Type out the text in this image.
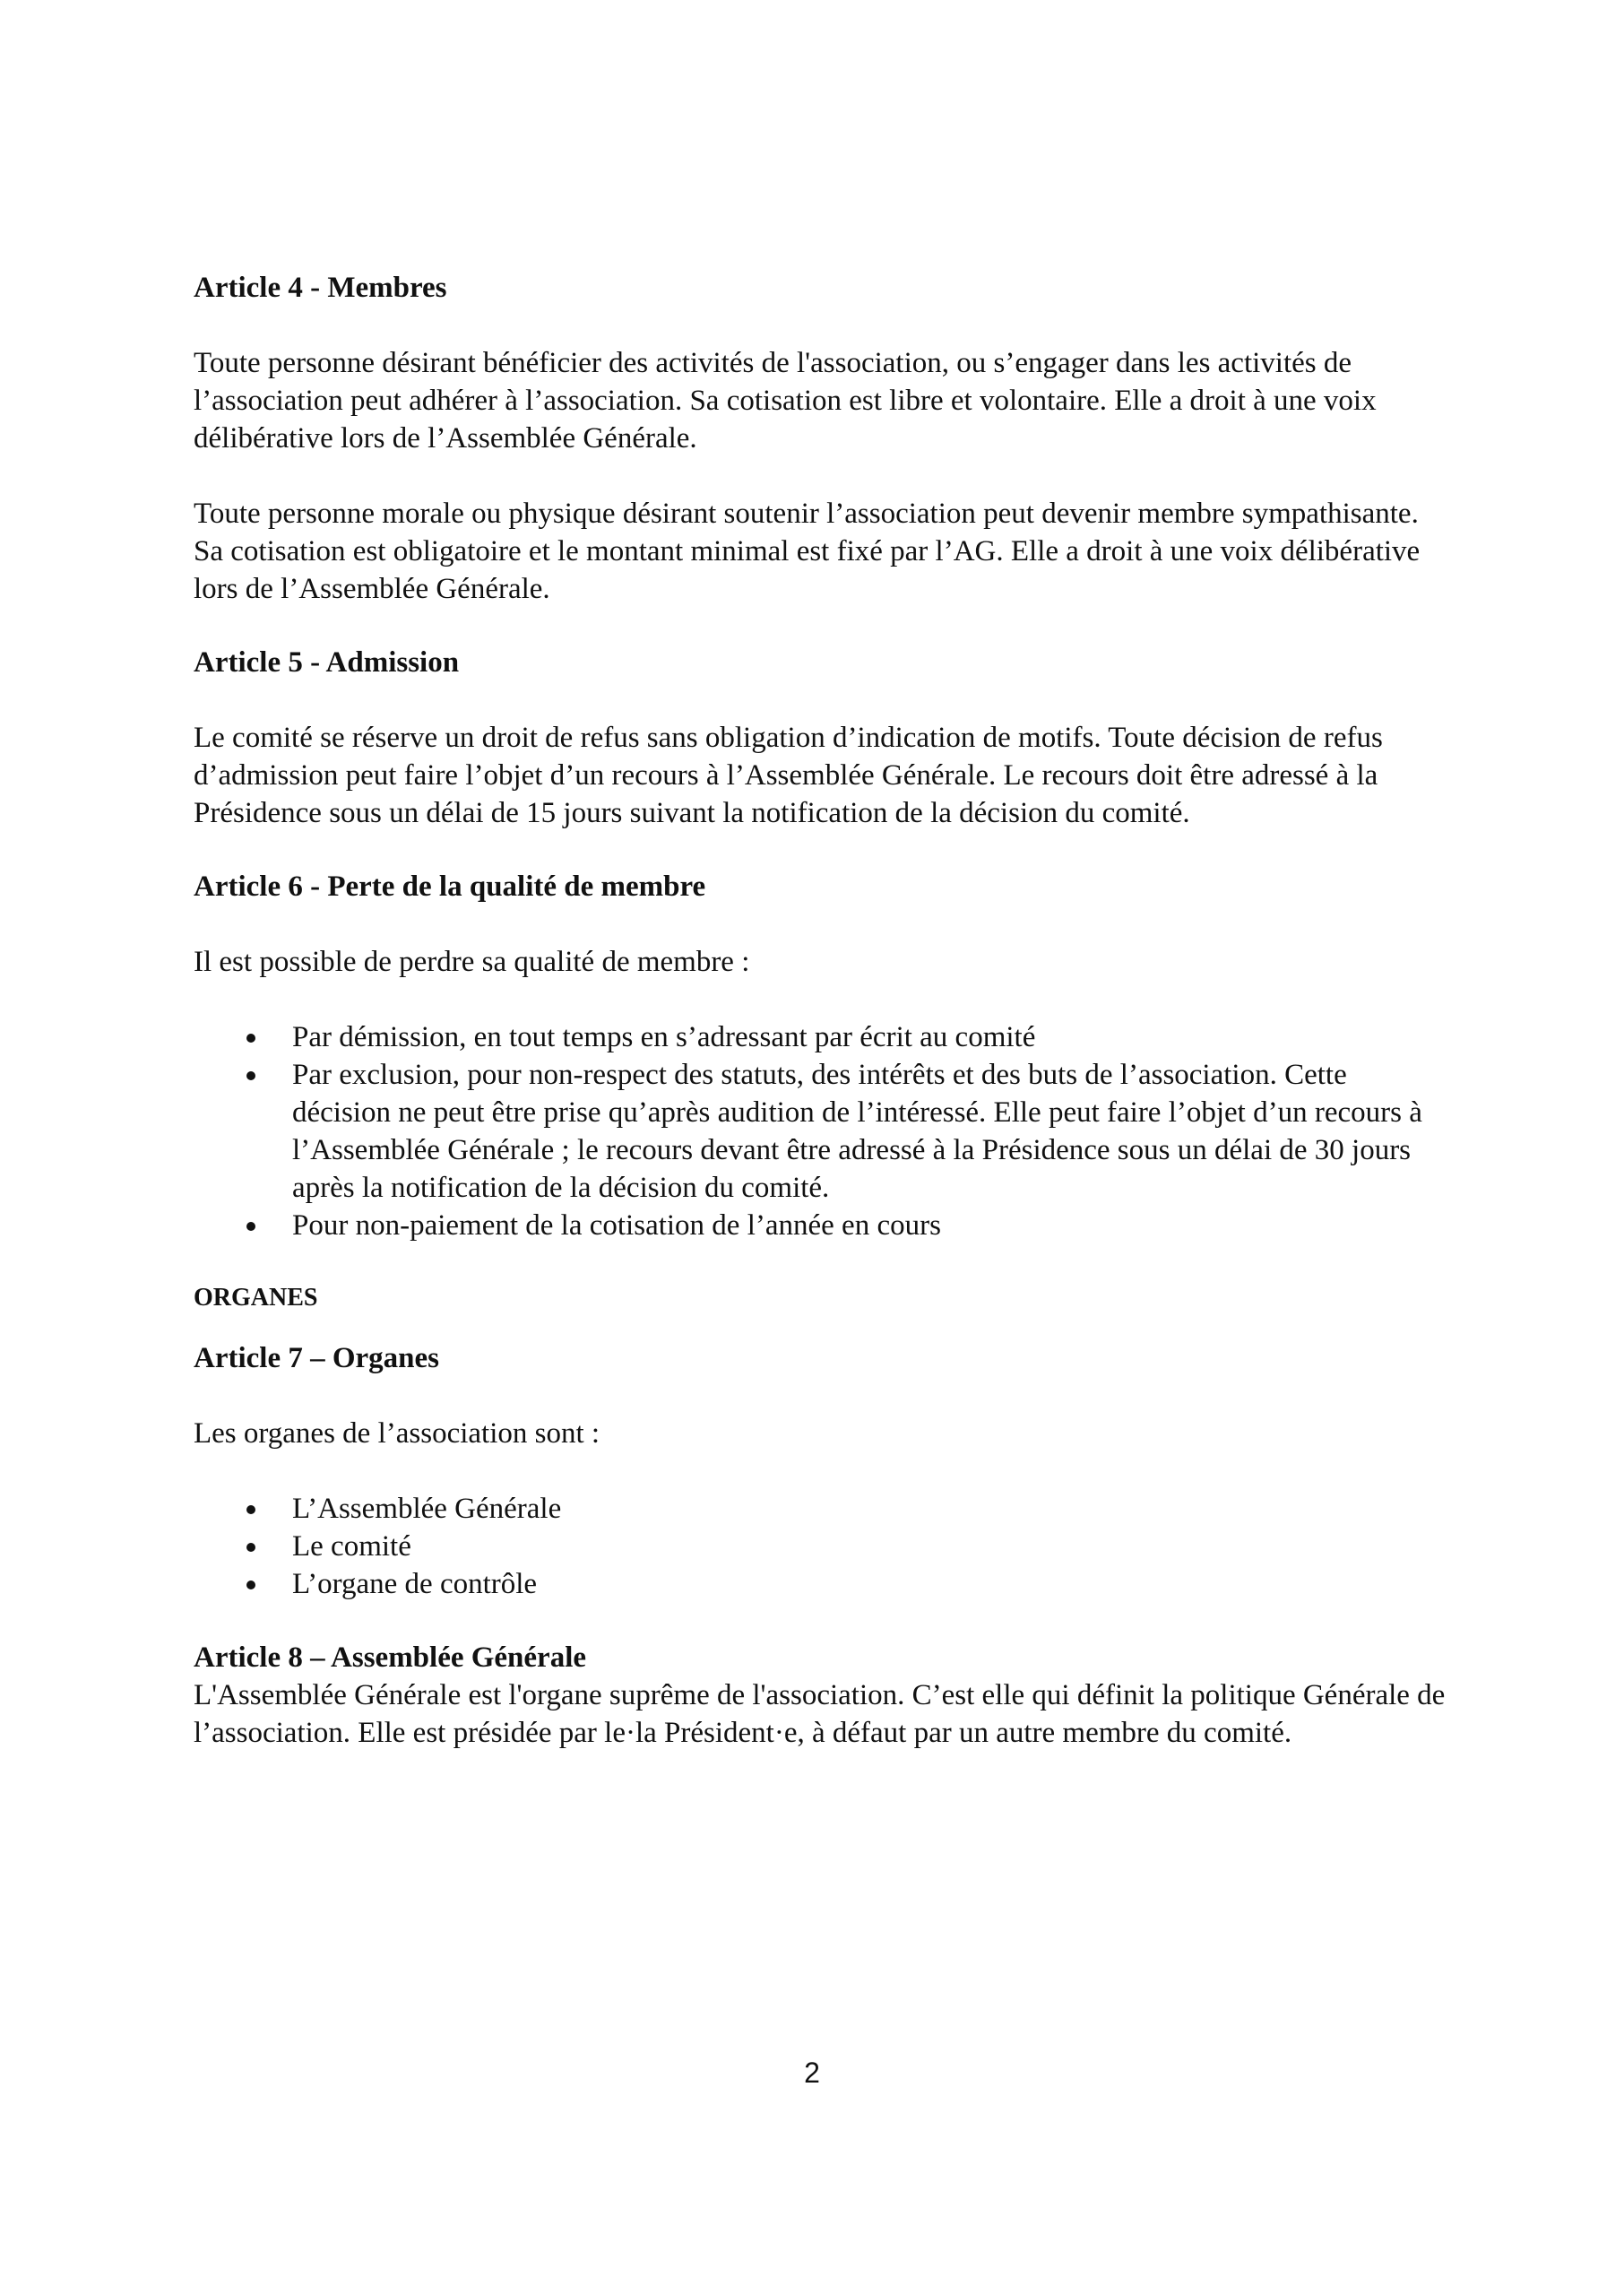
Article 4 - Membres

Toute personne désirant bénéficier des activités de l'association, ou s’engager dans les activités de l’association peut adhérer à l’association. Sa cotisation est libre et volontaire. Elle a droit à une voix délibérative lors de l’Assemblée Générale.

Toute personne morale ou physique désirant soutenir l’association peut devenir membre sympathisante. Sa cotisation est obligatoire et le montant minimal est fixé par l’AG. Elle a droit à une voix délibérative lors de l’Assemblée Générale.

Article 5 - Admission

Le comité se réserve un droit de refus sans obligation d’indication de motifs. Toute décision de refus d’admission peut faire l’objet d’un recours à l’Assemblée Générale. Le recours doit être adressé à la Présidence sous un délai de 15 jours suivant la notification de la décision du comité.

Article 6 - Perte de la qualité de membre

Il est possible de perdre sa qualité de membre :

Par démission, en tout temps en s’adressant par écrit au comité
Par exclusion, pour non-respect des statuts, des intérêts et des buts de l’association. Cette décision ne peut être prise qu’après audition de l’intéressé. Elle peut faire l’objet d’un recours à l’Assemblée Générale ; le recours devant être adressé à la Présidence sous un délai de 30 jours après la notification de la décision du comité.
Pour non-paiement de la cotisation de l’année en cours

ORGANES

Article 7 – Organes

Les organes de l’association sont :

L’Assemblée Générale
Le comité
L’organe de contrôle

Article 8 – Assemblée Générale

L'Assemblée Générale est l'organe suprême de l'association. C’est elle qui définit la politique Générale de l’association. Elle est présidée par le·la Président·e, à défaut par un autre membre du comité.

2
